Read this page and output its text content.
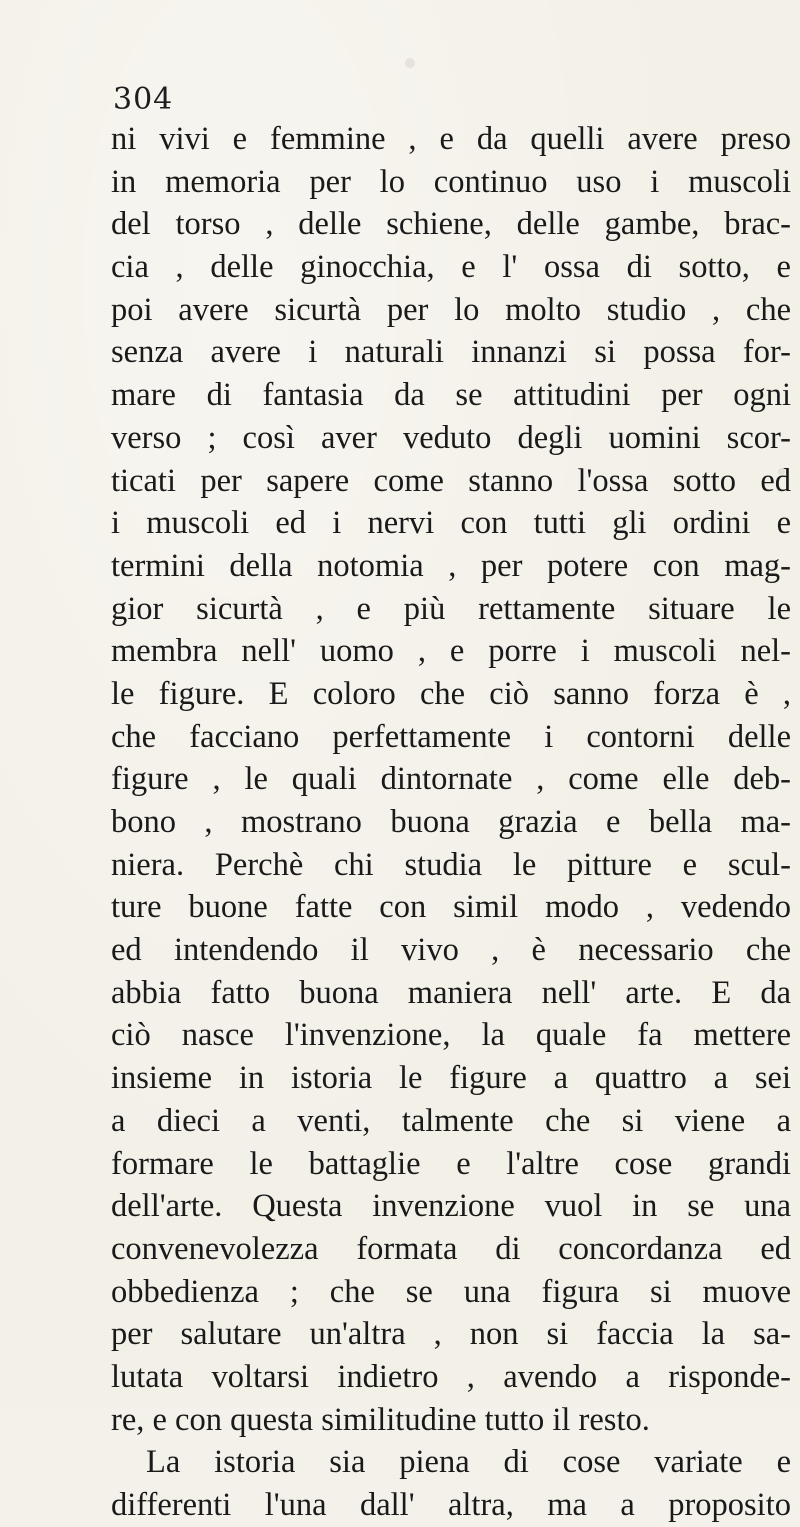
304
ni vivi e femmine , e da quelli avere preso
in memoria per lo continuo uso i muscoli
del torso , delle schiene, delle gambe, brac-
cia , delle ginocchia, e l' ossa di sotto, e
poi avere sicurtà per lo molto studio , che
senza avere i naturali innanzi si possa for-
mare di fantasia da se attitudini per ogni
verso ; così aver veduto degli uomini scor-
ticati per sapere come stanno l'ossa sotto ed
i muscoli ed i nervi con tutti gli ordini e
termini della notomia , per potere con mag-
gior sicurtà , e più rettamente situare le
membra nell' uomo , e porre i muscoli nel-
le figure. E coloro che ciò sanno forza è ,
che facciano perfettamente i contorni delle
figure , le quali dintornate , come elle deb-
bono , mostrano buona grazia e bella ma-
niera. Perchè chi studia le pitture e scul-
ture buone fatte con simil modo , vedendo
ed intendendo il vivo , è necessario che
abbia fatto buona maniera nell' arte. E da
ciò nasce l'invenzione, la quale fa mettere
insieme in istoria le figure a quattro a sei
a dieci a venti, talmente che si viene a
formare le battaglie e l'altre cose grandi
dell'arte. Questa invenzione vuol in se una
convenevolezza formata di concordanza ed
obbedienza ; che se una figura si muove
per salutare un'altra , non si faccia la sa-
lutata voltarsi indietro , avendo a risponde-
re, e con questa similitudine tutto il resto.
La istoria sia piena di cose variate e
differenti l'una dall' altra, ma a proposito
